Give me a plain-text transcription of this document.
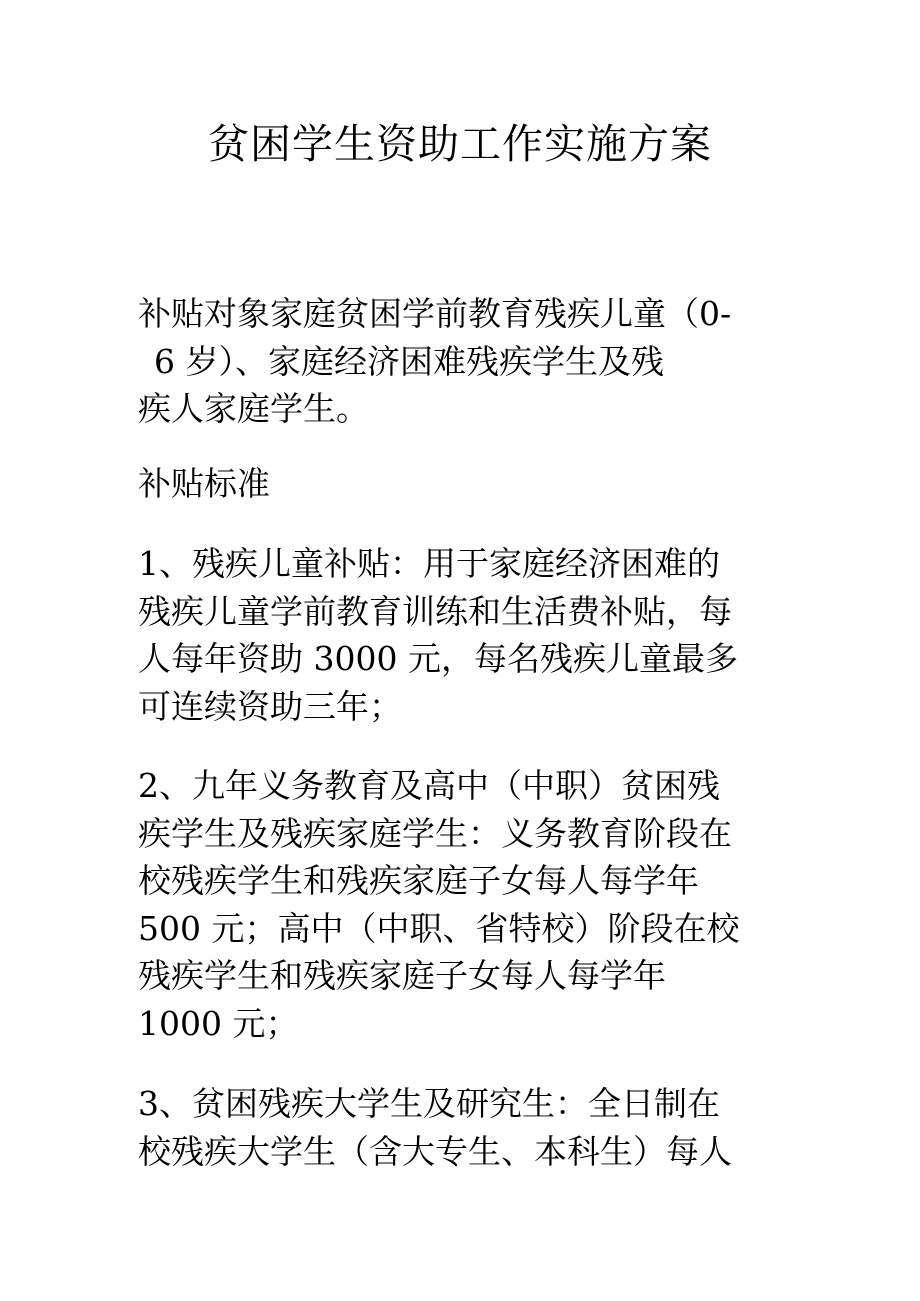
贫困学生资助工作实施方案
补贴对象家庭贫困学前教育残疾儿童（0-
6 岁）、家庭经济困难残疾学生及残
疾人家庭学生。
补贴标准
1、残疾儿童补贴：用于家庭经济困难的
残疾儿童学前教育训练和生活费补贴，每
人每年资助 3000 元，每名残疾儿童最多
可连续资助三年；
2、九年义务教育及高中（中职）贫困残
疾学生及残疾家庭学生：义务教育阶段在
校残疾学生和残疾家庭子女每人每学年
500 元；高中（中职、省特校）阶段在校
残疾学生和残疾家庭子女每人每学年
1000 元；
3、贫困残疾大学生及研究生：全日制在
校残疾大学生（含大专生、本科生）每人
